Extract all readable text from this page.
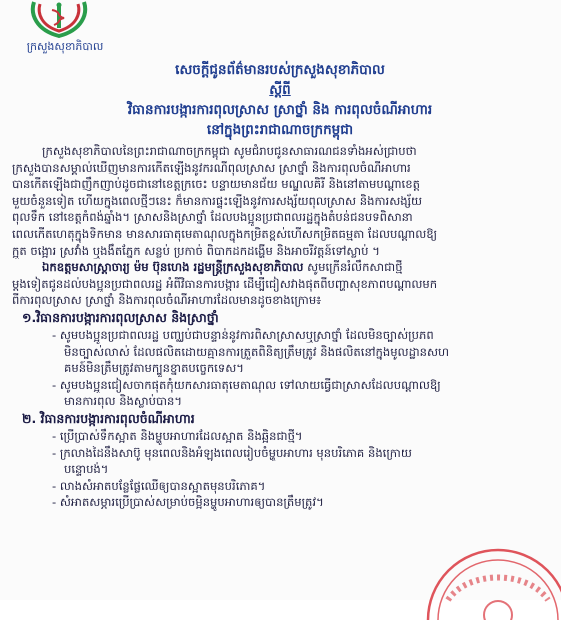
ក្រសួងសុខាភិបាល
សេចក្ដីជូនព័ត៌មានរបស់ក្រសួងសុខាភិបាល
ស្ដីពី
វិធានការបង្ការការពុលស្រាស ស្រាថ្នាំ និង ការពុលចំណីអាហារ
នៅក្នុងព្រះរាជាណាចក្រកម្ពុជា
ក្រសួងសុខាភិបាលនៃព្រះរាជាណាចក្រកម្ពុជា សូមជំរាបជូនសាធារណជនទាំងអស់ជ្រាបថា
ក្រសួងបានសម្គាល់ឃើញមានការកើតឡើងនូវករណីពុលស្រាស ស្រាថ្នាំ និងការពុលចំណីអាហារ
បានកើតឡើងជាញឹកញាប់ដូចជានៅខេត្តក្រចេះ បន្ទាយមានជ័យ មណ្ឌលគិរី និងនៅតាមបណ្ដាខេត្ត
មួយចំនួនទៀត ហើយក្នុងពេលថ្មីៗនេះ ក៏មានការផ្ទុះឡើងនូវការសង្ស័យពុលស្រាស និងការសង្ស័យ
ពុលទឹក នៅខេត្តកំពង់ឆ្នាំង។ ស្រាសនិងស្រាថ្នាំ ដែលបងប្អូនប្រជាពលរដ្ឋក្នុងតំបន់ជនបទពិសានា
ពេលកើតហេតុក្នុងទិកមាន មានសារធាតុមេតាណុលក្នុងកម្រិតខ្ពស់ហើសកម្រិតធម្មតា ដែលបណ្ដាលឱ្យ
ក្អួត ចង្អោរ ស្រវាំង ឬងងឹតភ្នែក សន្លប់ ប្រកាច់ ពិបាកដកដង្ហើម និងអាចរីវត្តន៍ទៅស្លាប់ ។
ឯកឧត្ដមសាស្ត្រាចារ្យ ម៉ម ប៊ុនហេង រដ្ឋមន្ត្រីក្រសួងសុខាភិបាល សូមក្រើនរំលឹកសាជាថ្មី
ម្ដងទៀតជូនដល់បងប្អូនប្រជាពលរដ្ឋ អំពីវិធានការបង្ការ ដើម្បីជៀសវាងផុតពីបញ្ហាសុខភាពបណ្ដាលមក
ពីការពុលស្រាស ស្រាថ្នាំ និងការពុលចំណីអាហារដែលមានដូចខាងក្រោម៖
១.វិធានការបង្ការការពុលស្រាស និងស្រាថ្នាំ
- សូមបងប្អូនប្រជាពលរដ្ឋ បញ្ឈប់ជាបន្ទាន់នូវការពិសាស្រាសឬស្រាថ្នាំ ដែលមិនច្បាស់ប្រភព
មិនច្បាស់លាស់ ដែលផលិតដោយគ្មានការត្រួតពិនិត្យត្រឹមត្រូវ និងផលិតនៅក្នុងមូលដ្ឋានសហ
គមន៍មិនត្រឹមត្រូវតាមក្បួនខ្នាតបច្ចេកទេស។
- សូមបងប្អូនជៀសចាកផុតកុំយកសារធាតុមេតាណុល ទៅលាយធ្វើជាស្រាសដែលបណ្ដាលឱ្យ
មានការពុល និងស្លាប់បាន។
២. វិធានការបង្ការការពុលចំណីអាហារ
- ប្រើប្រាស់ទឹកស្អាត និងម្ហូបអាហារដែលស្អាត និងឆ្អិនជាថ្មី។
- ក្រលាងដៃនឹងសាប៊ូ មុនពេលនិងអំឡុងពេលរៀបចំម្ហូបអាហារ មុនបរិភោគ និងក្រោយ
បន្ទោបង់។
- លាងសំអាតបន្លែផ្លែឈើឲ្យបានស្អាតមុនបរិភោគ។
- សំអាតសម្ភារប្រើប្រាស់សម្រាប់ចម្អិនម្ហូបអាហារឲ្យបានត្រឹមត្រូវ។
